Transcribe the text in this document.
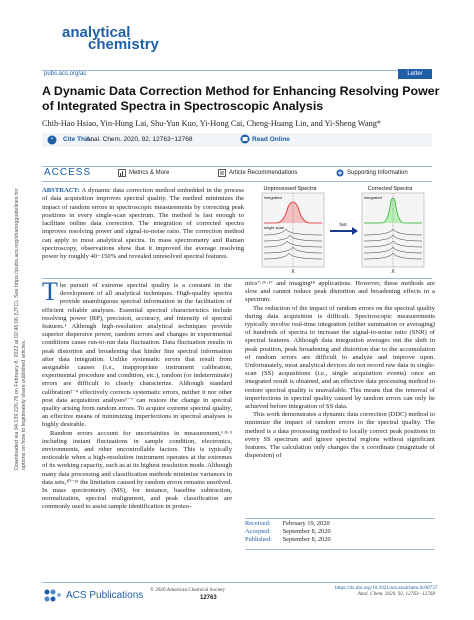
Downloaded via 94.139.226.76 on February 8, 2022 at 02:46:06 (UTC). See https://pubs.acs.org/sharingguidelines for options on how to legitimately share published articles.
analytical
chemistry
pubs.acs.org/ac	Letter
A Dynamic Data Correction Method for Enhancing Resolving Power of Integrated Spectra in Spectroscopic Analysis
Chih-Hao Hsiao, Yin-Hung Lai, Shu-Yun Kuo, Yi-Hong Cai, Cheng-Huang Lin, and Yi-Sheng Wang*
" Cite This:
Anal. Chem. 2020, 92, 12763−12768	Read Online
ACCESS	Metrics & More	Article Recommendations	Supporting Information
ABSTRACT: A dynamic data correction method embedded in the process of data acquisition improves spectral quality. The method minimizes the impact of random errors in spectroscopic measurements by correcting peak positions in every single-scan spectrum. The method is fast enough to facilitate online data correction. The integration of corrected spectra improves resolving power and signal-to-noise ratio. The correction method can apply to most analytical spectra. In mass spectrometry and Raman spectroscopy, observations show that it improved the average resolving power by roughly 40−150% and revealed unresolved spectral features.
Unprocessed Spectra	Corrected Spectra
integrated	integrated
single scan
fast
X	X
The pursuit of extreme spectral quality is a constant in the development of all analytical techniques. High-quality spectra provide unambiguous spectral information in the facilitation of efficient reliable analyses. Essential spectral characteristics include resolving power (RP), precision, accuracy, and intensity of spectral features.¹ Although high-resolution analytical techniques provide superior dispersive power, random errors and changes in experimental conditions cause run-to-run data fluctuation. Data fluctuation results in peak distortion and broadening that hinder fine spectral information after data integration. Unlike systematic errors that result from assignable causes (i.e., inappropriate instrument calibration, experimental procedure and condition, etc.), random (or indeterminate) errors are difficult to clearly characterize. Although standard calibration²⁻⁴ effectively corrects systematic errors, neither it nor other post data acquisition analyses⁵⁻⁷ can restore the change in spectral quality arising from random errors. To acquire extreme spectral quality, an effective means of minimizing imperfections in spectral analyses is highly desirable.
Random errors account for uncertainties in measurement,¹·⁸·⁹ including instant fluctuations in sample condition, electronics, environments, and other uncontrollable factors. This is typically noticeable when a high-resolution instrument operates at the extremes of its working capacity, such as at its highest resolution mode. Although many data processing and classification methods minimize variances in data sets,¹⁰⁻¹⁵ the limitation caused by random errors remains unsolved. In mass spectrometry (MS), for instance, baseline subtraction, normalization, spectral realignment, and peak classification are commonly used to assist sample identification in proteo-
mics⁷·¹⁶·¹⁷ and imaging¹⁸ applications. However, these methods are slow and cannot reduce peak distortion and broadening effects in a spectrum.
The reduction of the impact of random errors on the spectral quality during data acquisition is difficult. Spectroscopic measurements typically involve real-time integration (either summation or averaging) of hundreds of spectra to increase the signal-to-noise ratio (SNR) of spectral features. Although data integration averages out the shift in peak position, peak broadening and distortion due to the accumulation of random errors are difficult to analyze and improve upon. Unfortunately, most analytical devices do not record raw data in single-scan (SS) acquisitions (i.e., single acquisition events) once an integrated result is obtained, and an effective data processing method to restore spectral quality is unavailable. This means that the removal of imperfections in spectral quality caused by random errors can only be achieved before integration of SS data.
This work demonstrates a dynamic data correction (DDC) method to minimize the impact of random errors to the spectral quality. The method is a data processing method to locally correct peak positions in every SS spectrum and ignore spectral regions without significant features. The calculation only changes the x coordinate (magnitude of dispersion) of
Received: February 19, 2020
Accepted: September 8, 2020
Published: September 8, 2020
ACS Publications © 2020 American Chemical Society
12763
https://dx.doi.org/10.1021/acs.analchem.0c00737
Anal. Chem. 2020, 92, 12763−12768
